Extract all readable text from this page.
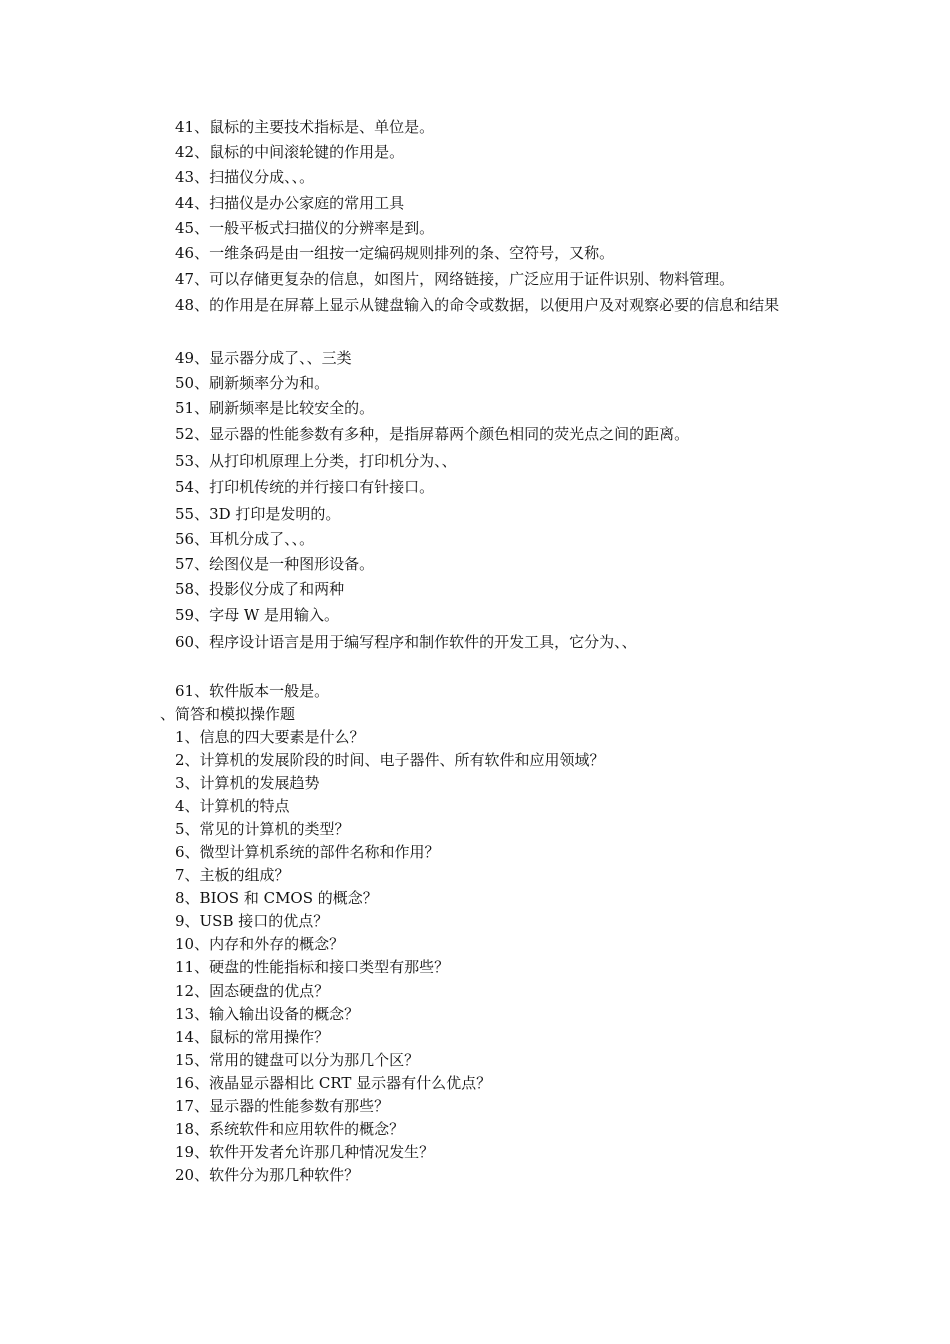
41、鼠标的主要技术指标是、单位是。
42、鼠标的中间滚轮键的作用是。
43、扫描仪分成、、。
44、扫描仪是办公家庭的常用工具
45、一般平板式扫描仪的分辨率是到。
46、一维条码是由一组按一定编码规则排列的条、空符号，又称。
47、可以存储更复杂的信息，如图片，网络链接，广泛应用于证件识别、物料管理。
48、的作用是在屏幕上显示从键盘输入的命令或数据，以便用户及对观察必要的信息和结果
49、显示器分成了、、三类
50、刷新频率分为和。
51、刷新频率是比较安全的。
52、显示器的性能参数有多种，是指屏幕两个颜色相同的荧光点之间的距离。
53、从打印机原理上分类，打印机分为、、
54、打印机传统的并行接口有针接口。
55、3D 打印是发明的。
56、耳机分成了、、。
57、绘图仪是一种图形设备。
58、投影仪分成了和两种
59、字母 W 是用输入。
60、程序设计语言是用于编写程序和制作软件的开发工具，它分为、、
61、软件版本一般是。
、简答和模拟操作题
1、信息的四大要素是什么？
2、计算机的发展阶段的时间、电子器件、所有软件和应用领域？
3、计算机的发展趋势
4、计算机的特点
5、常见的计算机的类型？
6、微型计算机系统的部件名称和作用？
7、主板的组成？
8、BIOS 和 CMOS 的概念？
9、USB 接口的优点？
10、内存和外存的概念？
11、硬盘的性能指标和接口类型有那些？
12、固态硬盘的优点？
13、输入输出设备的概念？
14、鼠标的常用操作？
15、常用的键盘可以分为那几个区？
16、液晶显示器相比 CRT 显示器有什么优点？
17、显示器的性能参数有那些？
18、系统软件和应用软件的概念？
19、软件开发者允许那几种情况发生？
20、软件分为那几种软件？
